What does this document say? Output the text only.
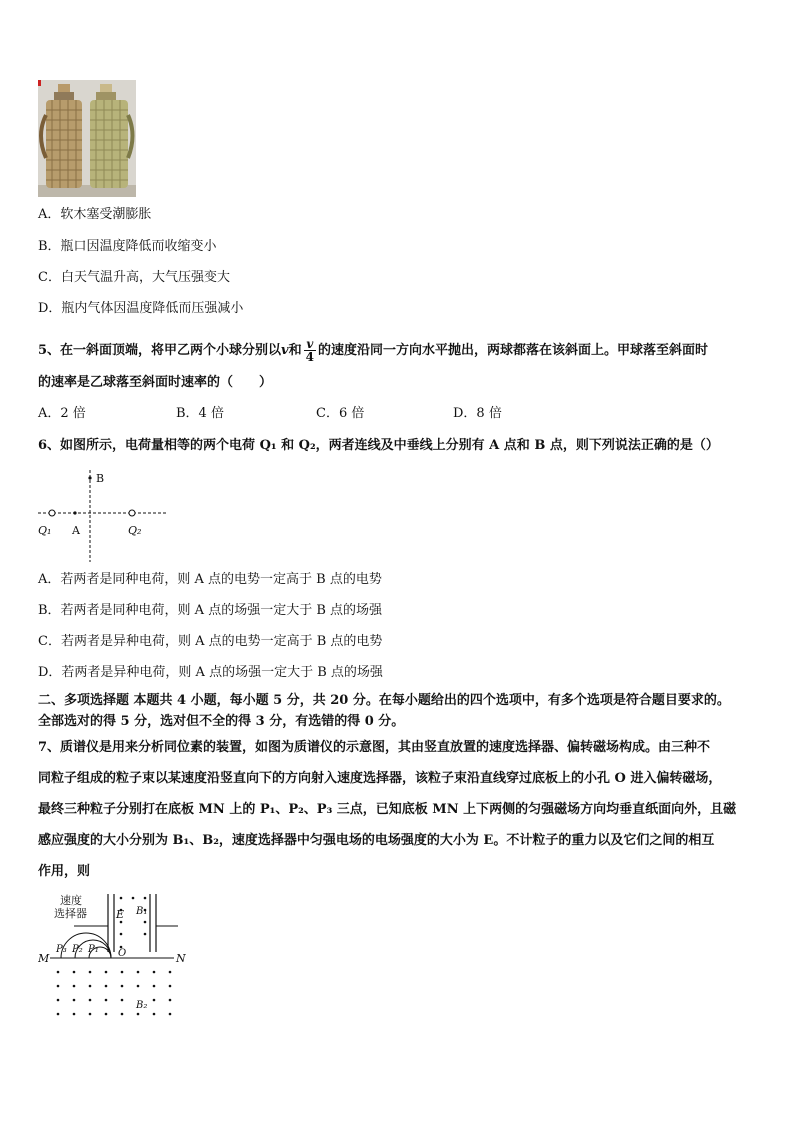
A．软木塞受潮膨胀
B．瓶口因温度降低而收缩变小
C．白天气温升高，大气压强变大
D．瓶内气体因温度降低而压强减小
5、在一斜面顶端，将甲乙两个小球分别以v和 $\frac{v}{4}$ 的速度沿同一方向水平抛出，两球都落在该斜面上。甲球落至斜面时
的速率是乙球落至斜面时速率的（　　）
A．2 倍	B．4 倍	C．6 倍	D．8 倍
6、如图所示，电荷量相等的两个电荷 Q₁ 和 Q₂，两者连线及中垂线上分别有 A 点和 B 点，则下列说法正确的是（）
B
Q₁ A	Q₂
A．若两者是同种电荷，则 A 点的电势一定高于 B 点的电势
B．若两者是同种电荷，则 A 点的场强一定大于 B 点的场强
C．若两者是异种电荷，则 A 点的电势一定高于 B 点的电势
D．若两者是异种电荷，则 A 点的场强一定大于 B 点的场强
二、多项选择题 本题共 4 小题，每小题 5 分，共 20 分。在每小题给出的四个选项中，有多个选项是符合题目要求的。
全部选对的得 5 分，选对但不全的得 3 分，有选错的得 0 分。
7、质谱仪是用来分析同位素的装置，如图为质谱仪的示意图，其由竖直放置的速度选择器、偏转磁场构成。由三种不
同粒子组成的粒子束以某速度沿竖直向下的方向射入速度选择器，该粒子束沿直线穿过底板上的小孔 O 进入偏转磁场，
最终三种粒子分别打在底板 MN 上的 P₁、P₂、P₃ 三点，已知底板 MN 上下两侧的匀强磁场方向均垂直纸面向外，且磁
感应强度的大小分别为 B₁、B₂，速度选择器中匀强电场的电场强度的大小为 E。不计粒子的重力以及它们之间的相互
作用，则
速度
选择器	E B₁
M	N
P₃ P₂ P₁ O
B₂
